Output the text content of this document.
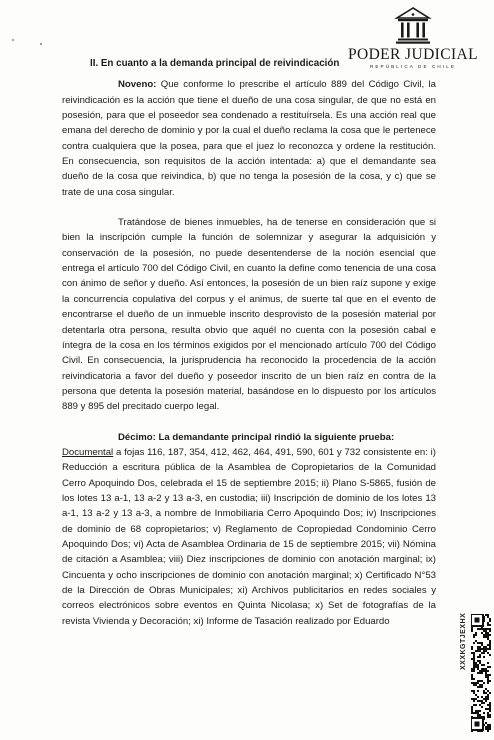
PODER JUDICIAL
REPÚBLICA DE CHILE
II. En cuanto a la demanda principal de reivindicación

Noveno: Que conforme lo prescribe el artículo 889 del Código Civil, la reivindicación es la acción que tiene el dueño de una cosa singular, de que no está en posesión, para que el poseedor sea condenado a restituírsela. Es una acción real que emana del derecho de dominio y por la cual el dueño reclama la cosa que le pertenece contra cualquiera que la posea, para que el juez lo reconozca y ordene la restitución. En consecuencia, son requisitos de la acción intentada: a) que el demandante sea dueño de la cosa que reivindica, b) que no tenga la posesión de la cosa, y c) que se trate de una cosa singular.

Tratándose de bienes inmuebles, ha de tenerse en consideración que si bien la inscripción cumple la función de solemnizar y asegurar la adquisición y conservación de la posesión, no puede desentenderse de la noción esencial que entrega el artículo 700 del Código Civil, en cuanto la define como tenencia de una cosa con ánimo de señor y dueño. Así entonces, la posesión de un bien raíz supone y exige la concurrencia copulativa del corpus y el animus, de suerte tal que en el evento de encontrarse el dueño de un inmueble inscrito desprovisto de la posesión material por detentarla otra persona, resulta obvio que aquél no cuenta con la posesión cabal e íntegra de la cosa en los términos exigidos por el mencionado artículo 700 del Código Civil. En consecuencia, la jurisprudencia ha reconocido la procedencia de la acción reivindicatoria a favor del dueño y poseedor inscrito de un bien raíz en contra de la persona que detenta la posesión material, basándose en lo dispuesto por los artículos 889 y 895 del precitado cuerpo legal.

Décimo: La demandante principal rindió la siguiente prueba:
Documental a fojas 116, 187, 354, 412, 462, 464, 491, 590, 601 y 732 consistente en: i) Reducción a escritura pública de la Asamblea de Copropietarios de la Comunidad Cerro Apoquindo Dos, celebrada el 15 de septiembre 2015; ii) Plano S-5865, fusión de los lotes 13 a-1, 13 a-2 y 13 a-3, en custodia; iii) Inscripción de dominio de los lotes 13 a-1, 13 a-2 y 13 a-3, a nombre de Inmobiliaria Cerro Apoquindo Dos; iv) Inscripciones de dominio de 68 copropietarios; v) Reglamento de Copropiedad Condominio Cerro Apoquindo Dos; vi) Acta de Asamblea Ordinaria de 15 de septiembre 2015; vii) Nómina de citación a Asamblea; viii) Diez inscripciones de dominio con anotación marginal; ix) Cincuenta y ocho inscripciones de dominio con anotación marginal; x) Certificado N°53 de la Dirección de Obras Municipales; xi) Archivos publicitarios en redes sociales y correos electrónicos sobre eventos en Quinta Nicolasa; x) Set de fotografías de la revista Vivienda y Decoración; xi) Informe de Tasación realizado por Eduardo	XXXKGTJEXHX
